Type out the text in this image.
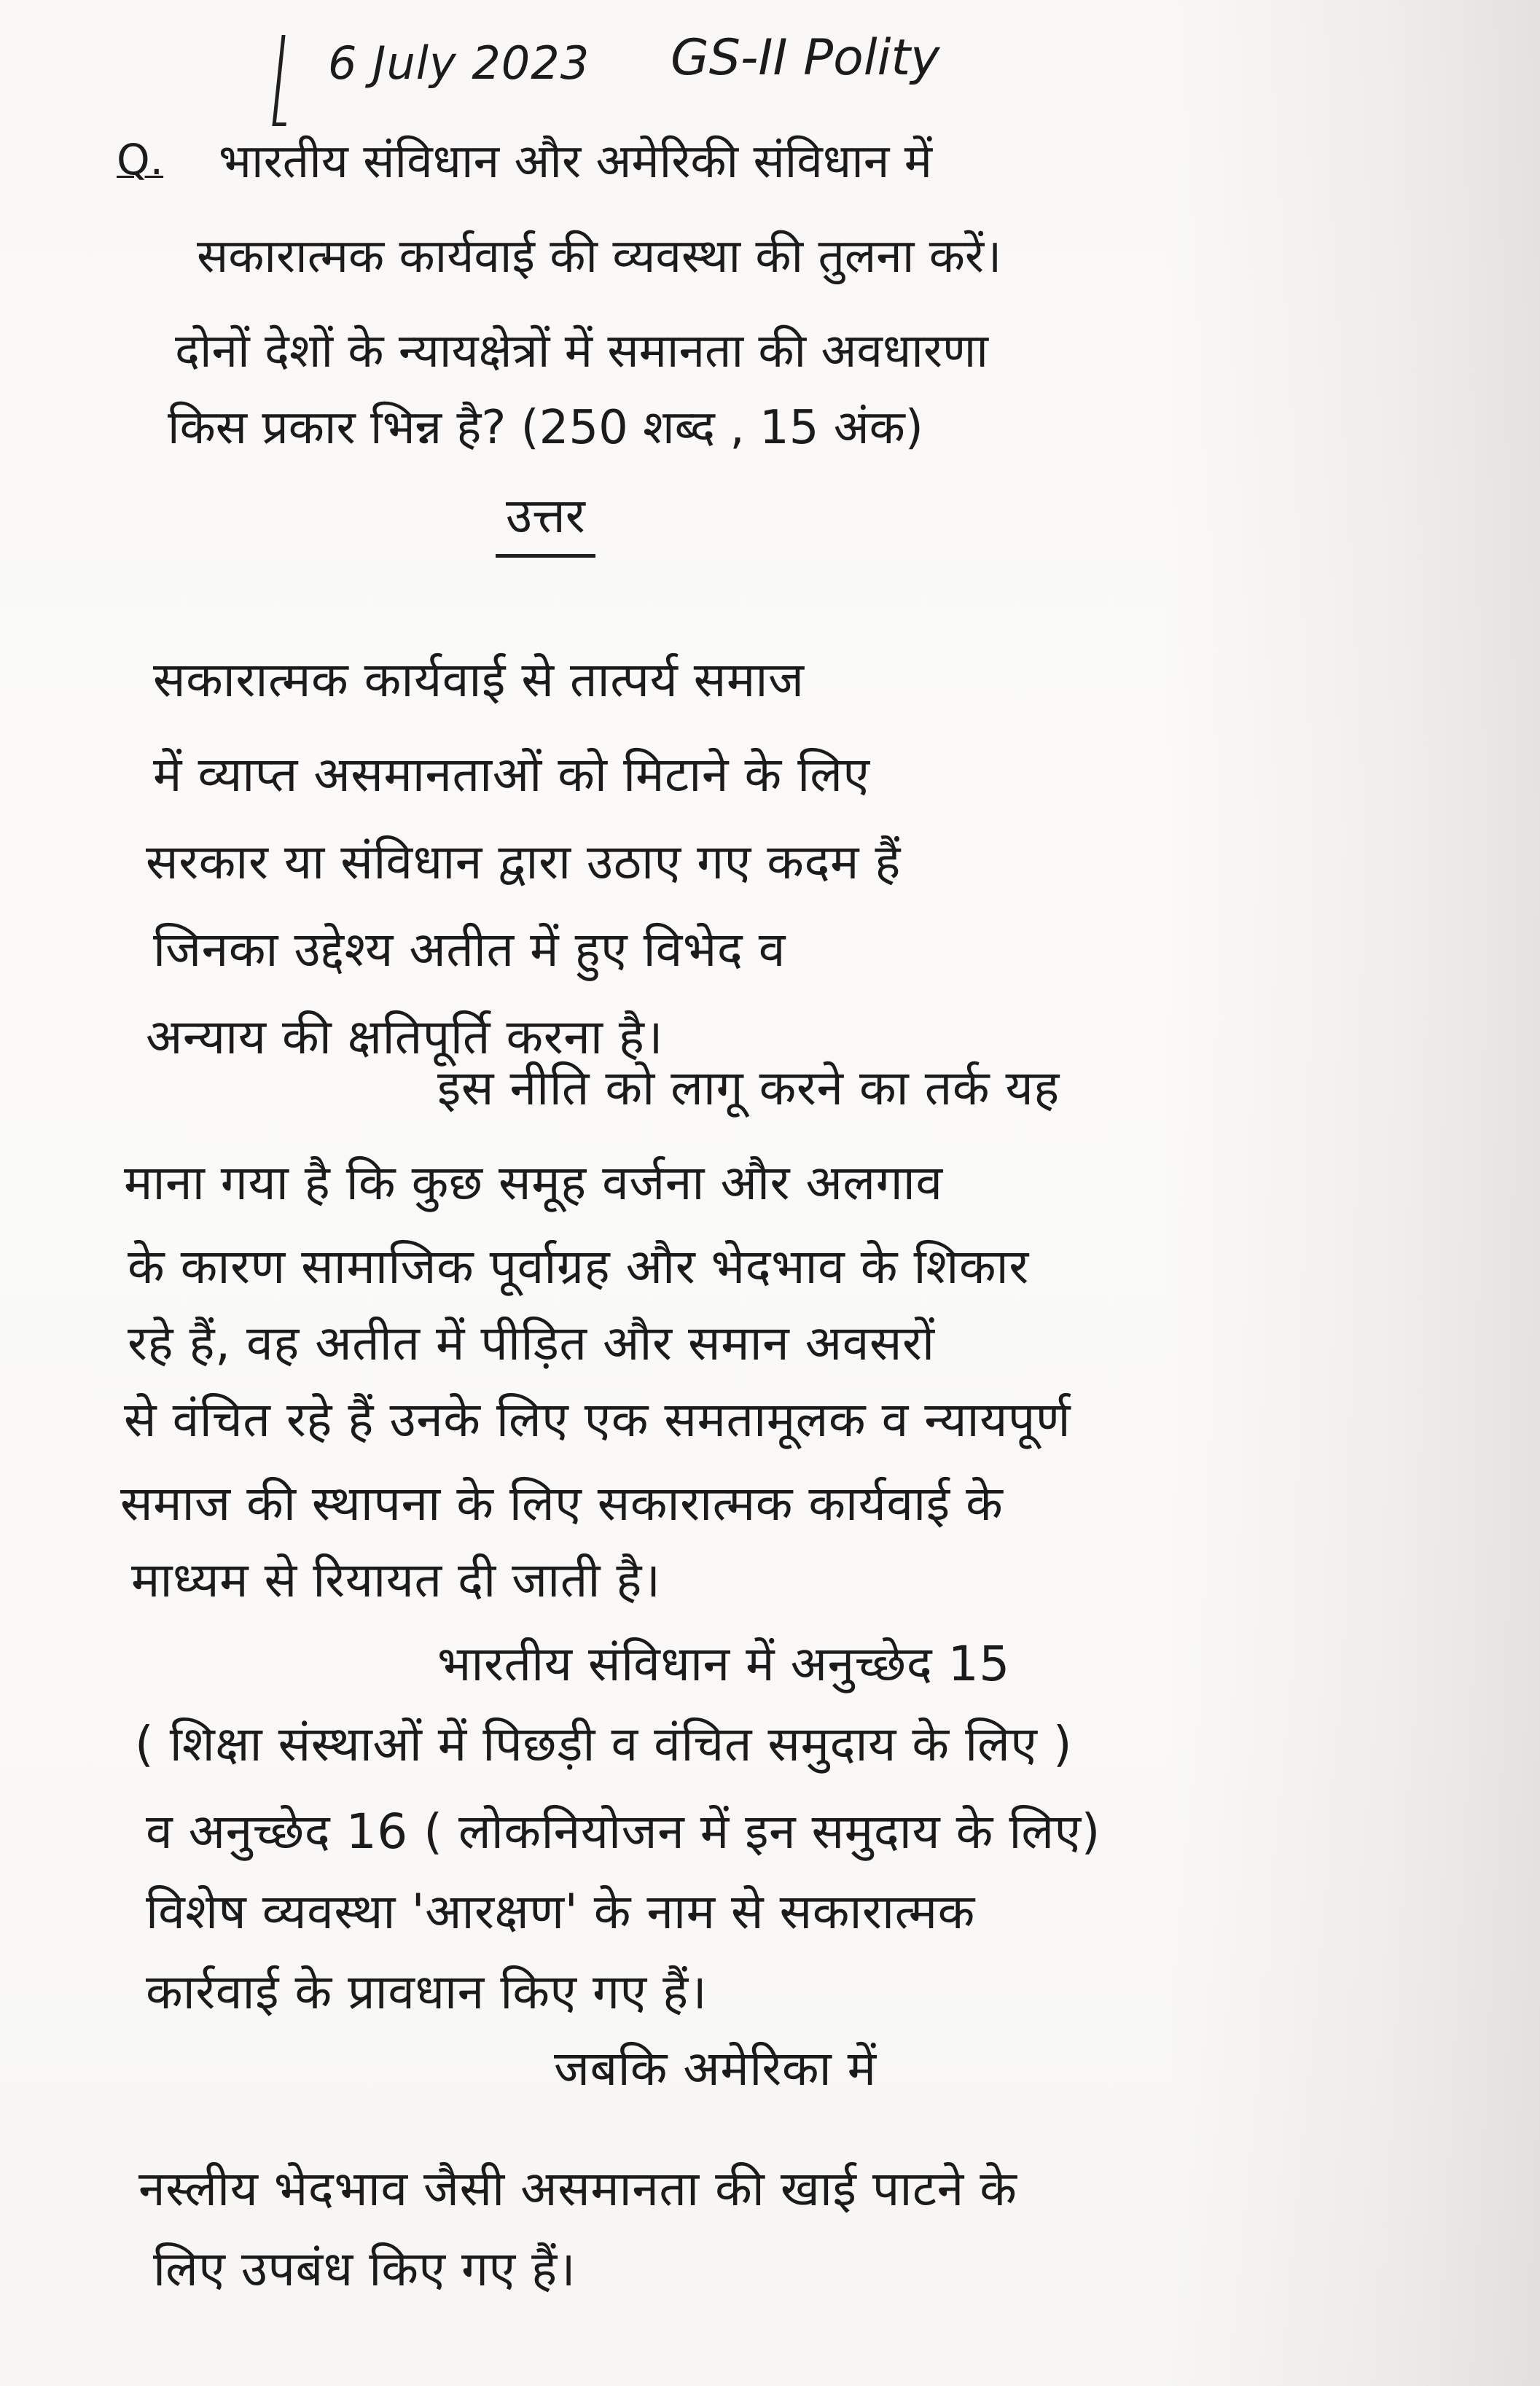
6 July 2023 GS-II Polity
Q. भारतीय संविधान और अमेरिकी संविधान में
सकारात्मक कार्यवाई की व्यवस्था की तुलना करें।
दोनों देशों के न्यायक्षेत्रों में समानता की अवधारणा
किस प्रकार भिन्न है? (250 शब्द , 15 अंक)
उत्तर
सकारात्मक कार्यवाई से तात्पर्य समाज
में व्याप्त असमानताओं को मिटाने के लिए
सरकार या संविधान द्वारा उठाए गए कदम हैं
जिनका उद्देश्य अतीत में हुए विभेद व
अन्याय की क्षतिपूर्ति करना है।
इस नीति को लागू करने का तर्क यह
माना गया है कि कुछ समूह वर्जना और अलगाव
के कारण सामाजिक पूर्वाग्रह और भेदभाव के शिकार
रहे हैं, वह अतीत में पीड़ित और समान अवसरों
से वंचित रहे हैं उनके लिए एक समतामूलक व न्यायपूर्ण
समाज की स्थापना के लिए सकारात्मक कार्यवाई के
माध्यम से रियायत दी जाती है।
भारतीय संविधान में अनुच्छेद 15
( शिक्षा संस्थाओं में पिछड़ी व वंचित समुदाय के लिए )
व अनुच्छेद 16 ( लोकनियोजन में इन समुदाय के लिए)
विशेष व्यवस्था 'आरक्षण' के नाम से सकारात्मक
कार्रवाई के प्रावधान किए गए हैं।
जबकि अमेरिका में
नस्लीय भेदभाव जैसी असमानता की खाई पाटने के
लिए उपबंध किए गए हैं।
